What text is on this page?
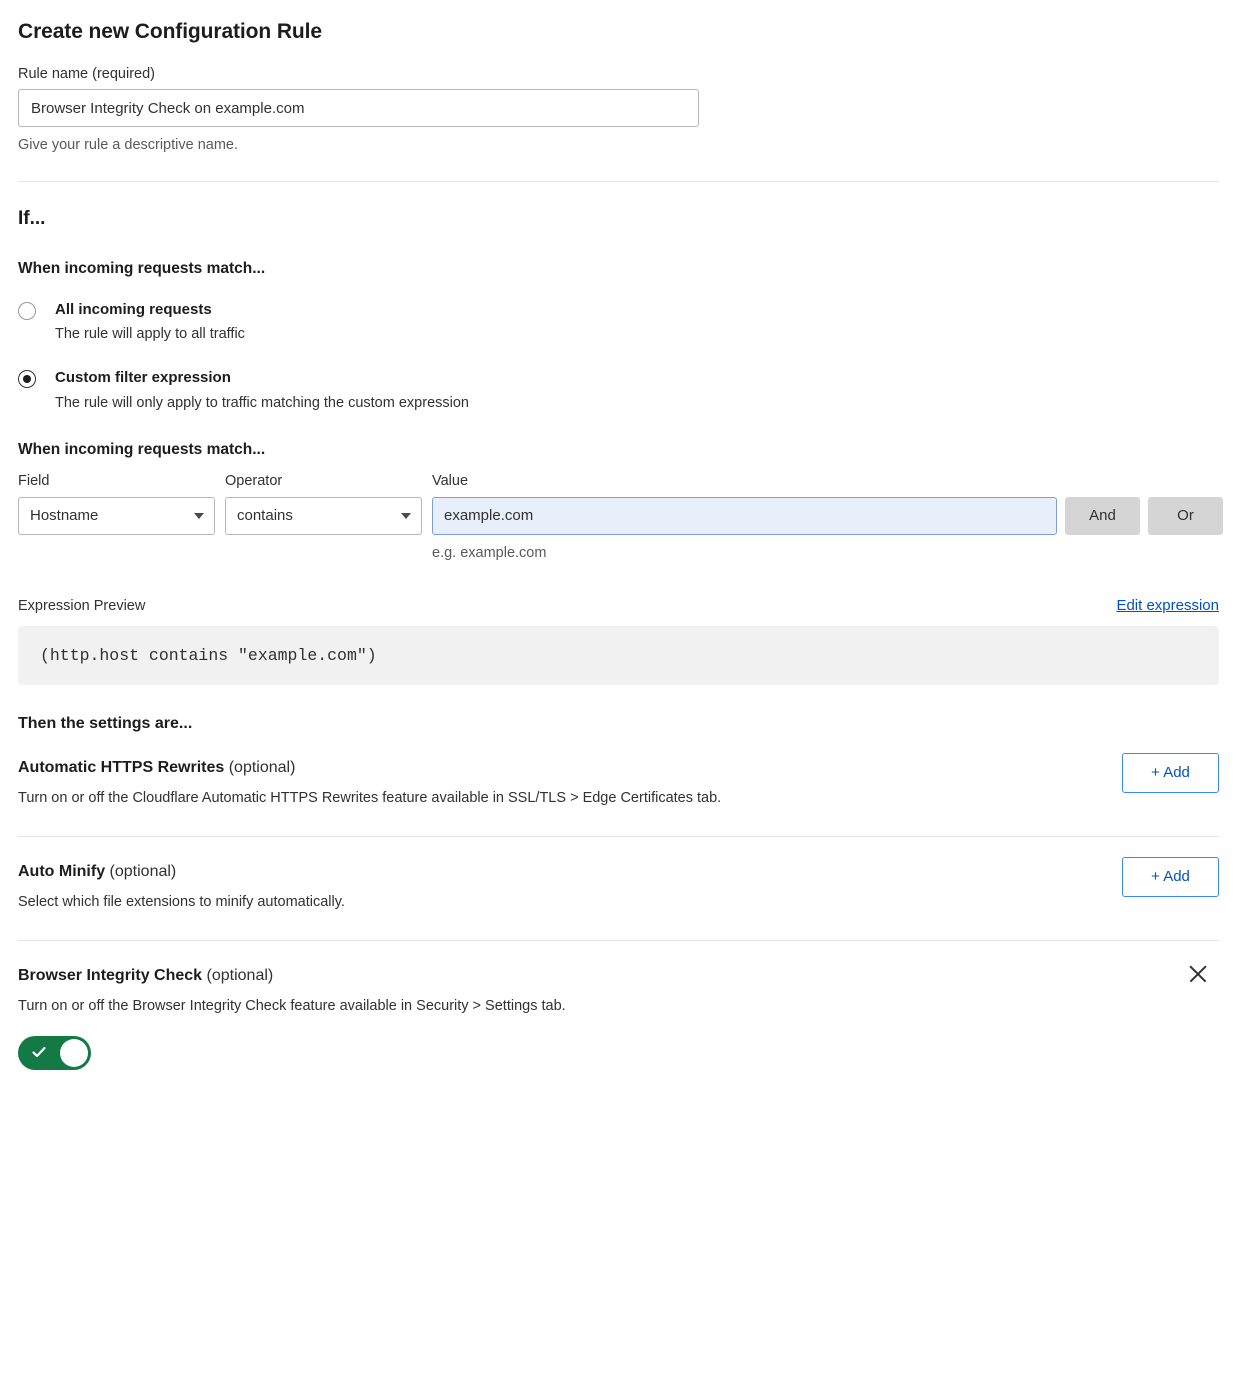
Create new Configuration Rule
Rule name (required)
Browser Integrity Check on example.com
Give your rule a descriptive name.
If...
When incoming requests match...
All incoming requests
The rule will apply to all traffic
Custom filter expression
The rule will only apply to traffic matching the custom expression
When incoming requests match...
Field
Hostname
Operator
contains
Value
example.com
e.g. example.com

And
	Or
Expression Preview	Edit expression
(http.host contains "example.com")
Then the settings are...
Automatic HTTPS Rewrites (optional)
Turn on or off the Cloudflare Automatic HTTPS Rewrites feature available in SSL/TLS > Edge Certificates tab.
+ Add
Auto Minify (optional)
Select which file extensions to minify automatically.
+ Add
Browser Integrity Check (optional)
Turn on or off the Browser Integrity Check feature available in Security > Settings tab.
